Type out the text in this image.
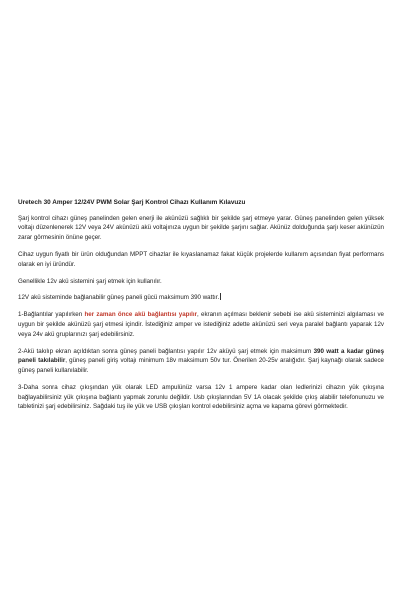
Uretech 30 Amper 12/24V PWM Solar Şarj Kontrol Cihazı Kullanım Kılavuzu

Şarj kontrol cihazı güneş panelinden gelen enerji ile akünüzü sağlıklı bir şekilde şarj etmeye yarar. Güneş panelinden gelen yüksek voltajı düzenlenerek 12V veya 24V akünüzü akü voltajınıza uygun bir şekilde şarjını sağlar. Akünüz dolduğunda şarjı keser akünüzün zarar görmesinin önüne geçer.

Cihaz uygun fiyatlı bir ürün olduğundan MPPT cihazlar ile kıyaslanamaz fakat küçük projelerde kullanım açısından fiyat performans olarak en iyi üründür.

Genellikle 12v akü sistemini şarj etmek için kullanılır.

12V akü sisteminde bağlanabilir güneş paneli gücü maksimum 390 wattır.

1-Bağlantılar yapılırken her zaman önce akü bağlantısı yapılır, ekranın açılması beklenir sebebi ise akü sisteminizi algılaması ve uygun bir şekilde akünüzü şarj etmesi içindir. İstediğiniz amper ve istediğiniz adette akünüzü seri veya paralel bağlantı yaparak 12v veya 24v akü gruplarınızı şarj edebilirsiniz.

2-Akü takılıp ekran açıldıktan sonra güneş paneli bağlantısı yapılır 12v aküyü şarj etmek için maksimum 390 watt a kadar güneş paneli takılabilir, güneş paneli giriş voltajı minimum 18v maksimum 50v tur. Önerilen 20-25v aralığıdır. Şarj kaynağı olarak sadece güneş paneli kullanılabilir.

3-Daha sonra cihaz çıkışından yük olarak LED ampulünüz varsa 12v 1 ampere kadar olan ledlerinizi cihazın yük çıkışına bağlayabilirsiniz yük çıkışına bağlantı yapmak zorunlu değildir. Usb çıkışlarından 5V 1A olacak şekilde çıkış alabilir telefonunuzu ve tabletinizi şarj edebilirsiniz. Sağdaki tuş ile yük ve USB çıkışları kontrol edebilirsiniz açma ve kapama görevi görmektedir.
